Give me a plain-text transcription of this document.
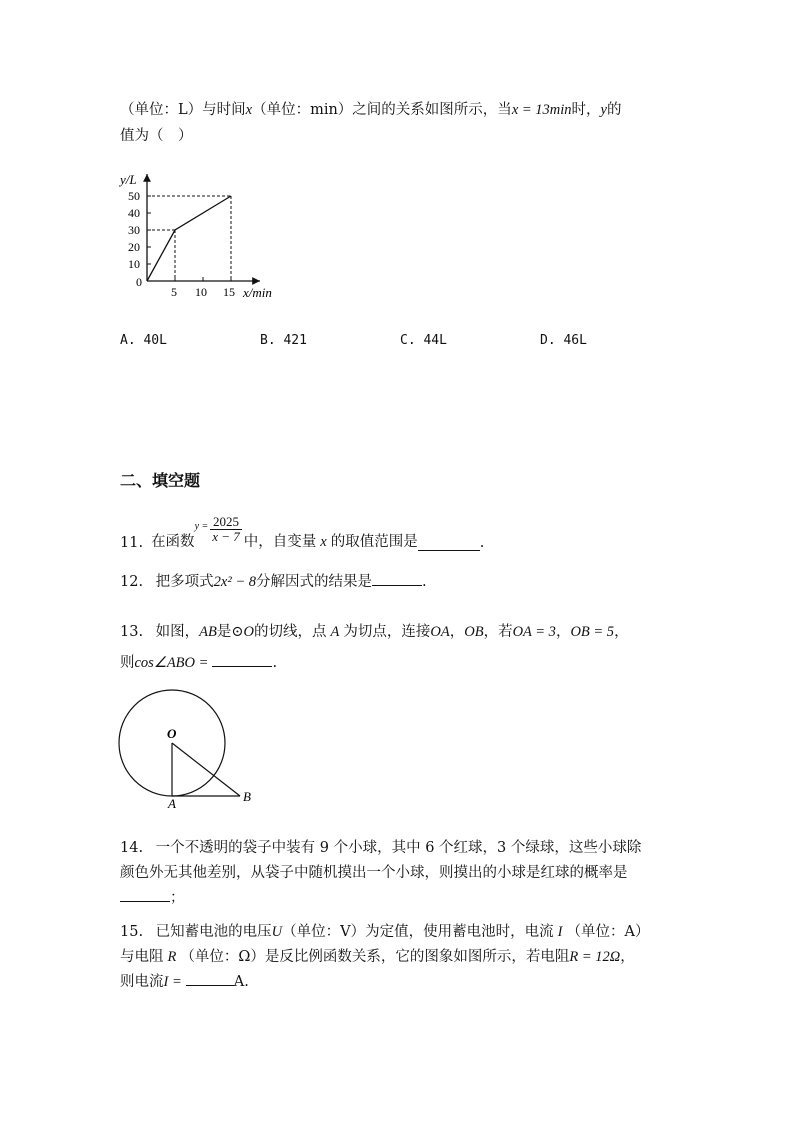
（单位：L）与时间x（单位：min）之间的关系如图所示，当x = 13min时，y的
值为（　）
y/L
x/min
0
10
20
30
40
50
5 10 15
A. 40L	B. 421	C. 44L	D. 46L
二、填空题
11. 在函数
$y = \frac{2025}{x - 7}$ 中，自变量 x 的取值范围是	.
12. 把多项式2x² − 8分解因式的结果是	.
13. 如图，AB是⊙O的切线，点 A 为切点，连接OA，OB，若OA = 3，OB = 5，
则cos∠ABO =	.
O
A	B
14. 一个不透明的袋子中装有 9 个小球，其中 6 个红球，3 个绿球，这些小球除
颜色外无其他差别，从袋子中随机摸出一个小球，则摸出的小球是红球的概率是
；
15. 已知蓄电池的电压U（单位：V）为定值，使用蓄电池时，电流 I （单位：A）
与电阻 R （单位：Ω）是反比例函数关系，它的图象如图所示，若电阻R = 12Ω，
则电流I =	A.
